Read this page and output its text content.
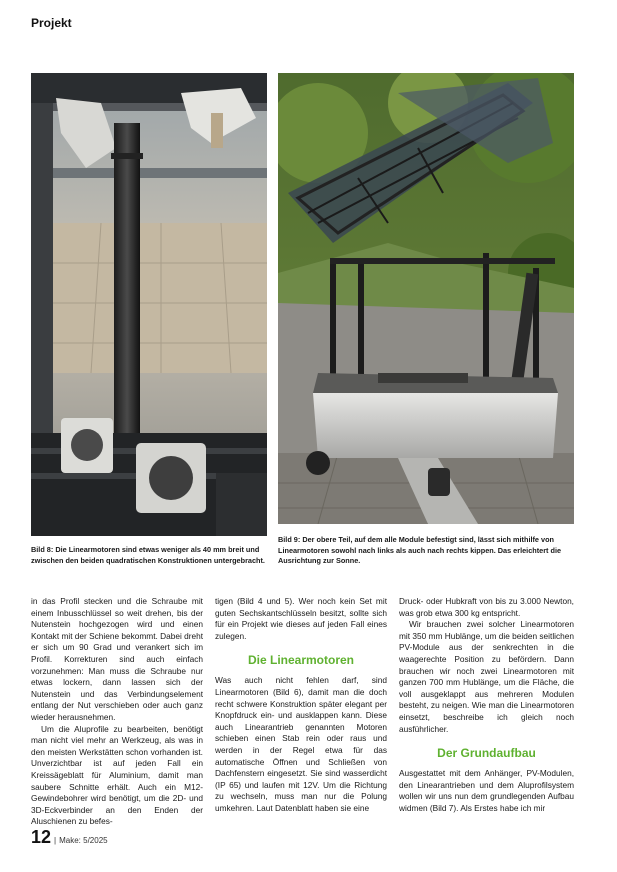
Projekt
Bild 8: Die Linearmotoren sind etwas weniger als 40 mm breit und zwischen den beiden quadratischen Konstruktionen untergebracht.
Bild 9: Der obere Teil, auf dem alle Module befestigt sind, lässt sich mithilfe von Linearmotoren sowohl nach links als auch nach rechts kippen. Das erleichtert die Ausrichtung zur Sonne.

in das Profil stecken und die Schraube mit einem Inbusschlüssel so weit drehen, bis der Nutenstein hochgezogen wird und einen Kontakt mit der Schiene bekommt. Dabei dreht er sich um 90 Grad und verankert sich im Profil. Korrekturen sind auch einfach vorzunehmen: Man muss die Schraube nur etwas lockern, dann lassen sich der Nutenstein und das Verbindungselement entlang der Nut verschieben oder auch ganz wieder herausnehmen.

Um die Aluprofile zu bearbeiten, benötigt man nicht viel mehr an Werkzeug, als was in den meisten Werkstätten schon vorhanden ist. Unverzichtbar ist auf jeden Fall ein Kreissägeblatt für Aluminium, damit man saubere Schnitte erhält. Auch ein M12-Gewindebohrer wird benötigt, um die 2D- und 3D-Eckverbinder an den Enden der Aluschienen zu befes-

tigen (Bild 4 und 5). Wer noch kein Set mit guten Sechskantschlüsseln besitzt, sollte sich für ein Projekt wie dieses auf jeden Fall eines zulegen.

Die Linearmotoren

Was auch nicht fehlen darf, sind Linearmotoren (Bild 6), damit man die doch recht schwere Konstruktion später elegant per Knopfdruck ein- und ausklappen kann. Diese auch Linearantrieb genannten Motoren schieben einen Stab rein oder raus und werden in der Regel etwa für das automatische Öffnen und Schließen von Dachfenstern eingesetzt. Sie sind wasserdicht (IP 65) und laufen mit 12V. Um die Richtung zu wechseln, muss man nur die Polung umkehren. Laut Datenblatt haben sie eine

Druck- oder Hubkraft von bis zu 3.000 Newton, was grob etwa 300 kg entspricht.

Wir brauchen zwei solcher Linearmotoren mit 350 mm Hublänge, um die beiden seitlichen PV-Module aus der senkrechten in die waagerechte Position zu befördern. Dann brauchen wir noch zwei Linearmotoren mit ganzen 700 mm Hublänge, um die Fläche, die voll ausgeklappt aus mehreren Modulen besteht, zu neigen. Wie man die Linearmotoren einsetzt, beschreibe ich gleich noch ausführlicher.

Der Grundaufbau

Ausgestattet mit dem Anhänger, PV-Modulen, den Linearantrieben und dem Aluprofilsystem wollen wir uns nun dem grundlegenden Aufbau widmen (Bild 7). Als Erstes habe ich mir

12 | Make: 5/2025
